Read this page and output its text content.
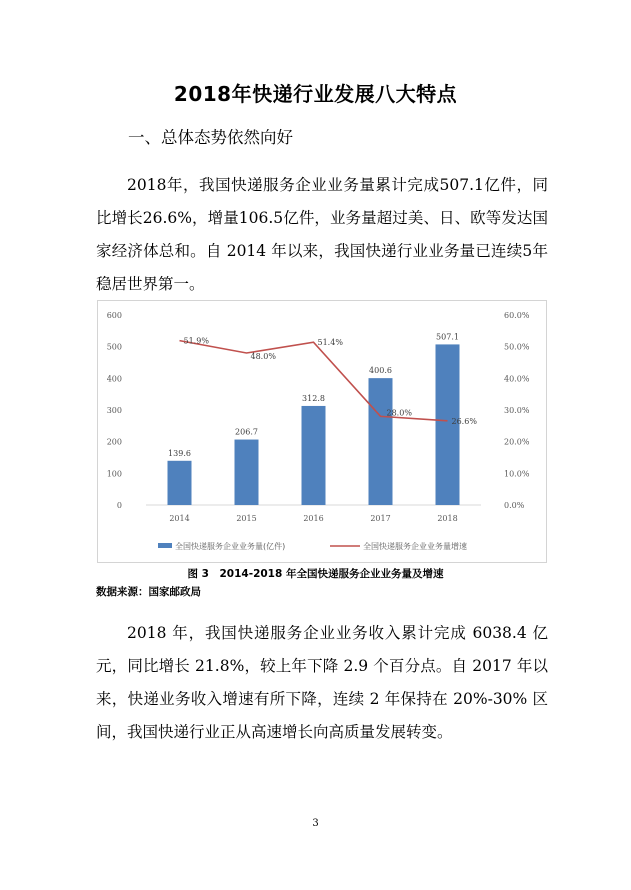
2018年快递行业发展八大特点
一、总体态势依然向好

2018年，我国快递服务企业业务量累计完成507.1亿件，同比增长26.6%，增量106.5亿件，业务量超过美、日、欧等发达国家经济体总和。自 2014 年以来，我国快递行业业务量已连续5年稳居世界第一。

0
100
200
300
400
500
600
0.0%
10.0%
20.0%
30.0%
40.0%
50.0%
60.0%
139.6
2014
206.7
2015
312.8
2016
400.6
2017
507.1
2018
51.9%
48.0%
51.4%
28.0%
26.6%
全国快递服务企业业务量(亿件)	全国快递服务企业业务量增速
图 3　2014-2018 年全国快递服务企业业务量及增速
数据来源：国家邮政局

2018 年，我国快递服务企业业务收入累计完成 6038.4 亿元，同比增长 21.8%，较上年下降 2.9 个百分点。自 2017 年以来，快递业务收入增速有所下降，连续 2 年保持在 20%-30% 区间，我国快递行业正从高速增长向高质量发展转变。

3
